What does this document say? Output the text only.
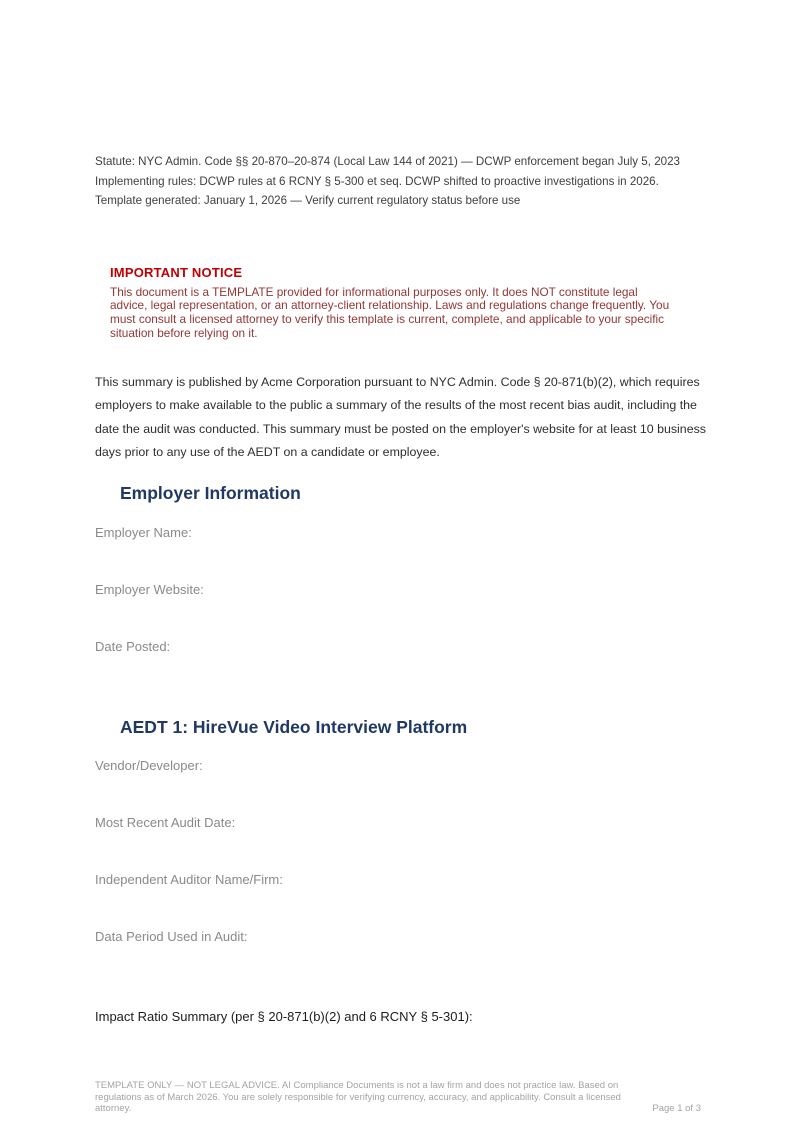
Statute: NYC Admin. Code §§ 20-870–20-874 (Local Law 144 of 2021) — DCWP enforcement began July 5, 2023

Implementing rules: DCWP rules at 6 RCNY § 5-300 et seq. DCWP shifted to proactive investigations in 2026.

Template generated: January 1, 2026 — Verify current regulatory status before use

IMPORTANT NOTICE

This document is a TEMPLATE provided for informational purposes only. It does NOT constitute legal advice, legal representation, or an attorney-client relationship. Laws and regulations change frequently. You must consult a licensed attorney to verify this template is current, complete, and applicable to your specific situation before relying on it.

This summary is published by Acme Corporation pursuant to NYC Admin. Code § 20-871(b)(2), which requires employers to make available to the public a summary of the results of the most recent bias audit, including the date the audit was conducted. This summary must be posted on the employer's website for at least 10 business days prior to any use of the AEDT on a candidate or employee.

Employer Information

Employer Name:

Employer Website:

Date Posted:

AEDT 1: HireVue Video Interview Platform

Vendor/Developer:

Most Recent Audit Date:

Independent Auditor Name/Firm:

Data Period Used in Audit:

Impact Ratio Summary (per § 20-871(b)(2) and 6 RCNY § 5-301):

TEMPLATE ONLY — NOT LEGAL ADVICE. AI Compliance Documents is not a law firm and does not practice law. Based on regulations as of March 2026. You are solely responsible for verifying currency, accuracy, and applicability. Consult a licensed attorney.	Page 1 of 3
